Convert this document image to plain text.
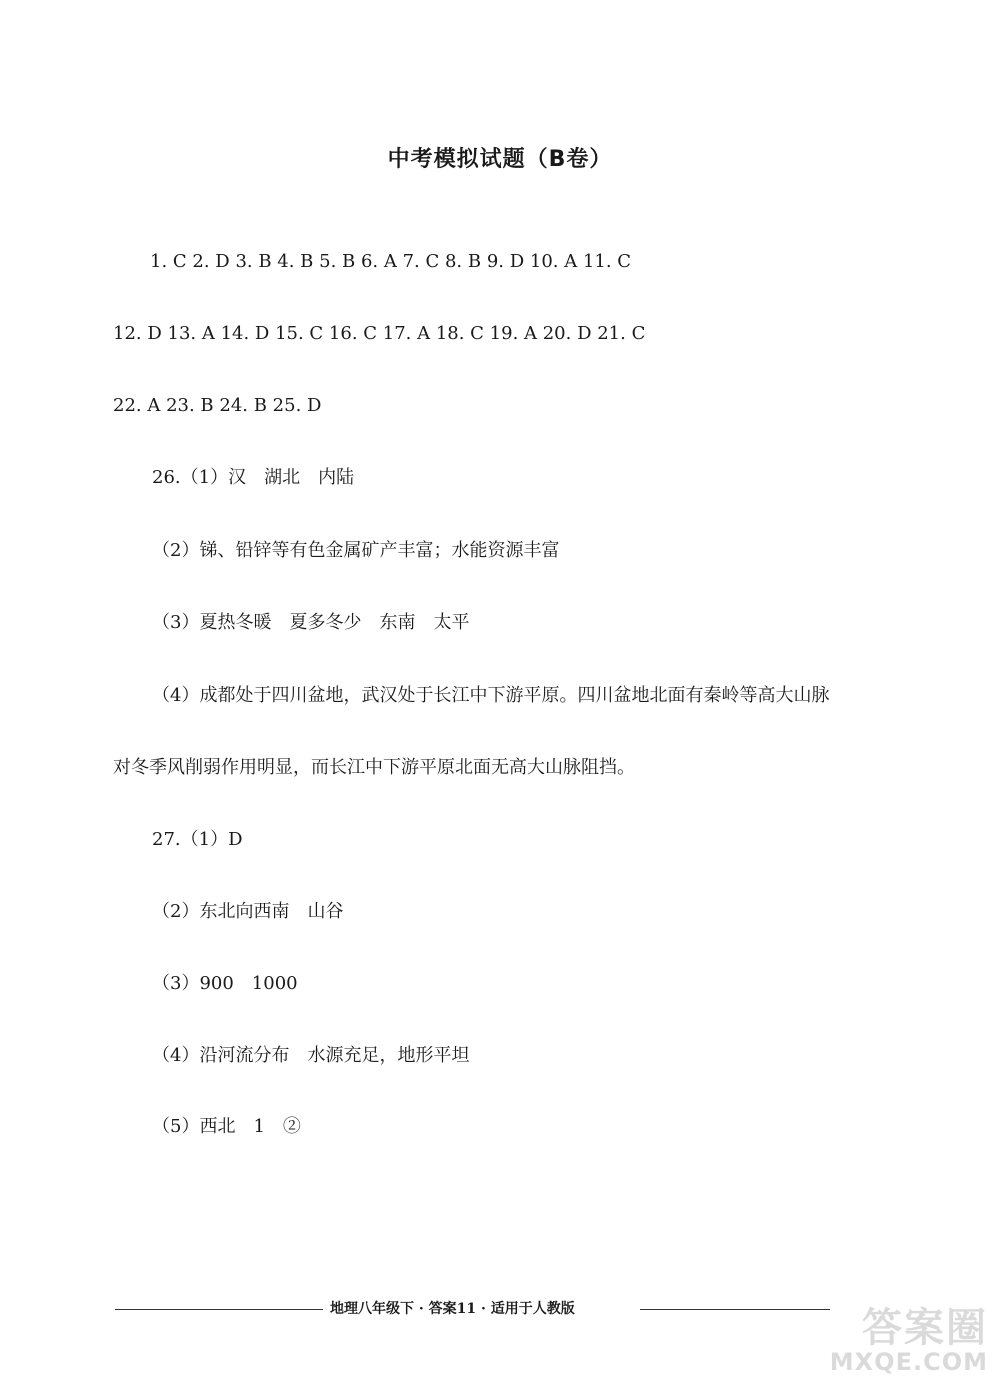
中考模拟试题（B卷）
1. C 2. D 3. B 4. B 5. B 6. A 7. C 8. B 9. D 10. A 11. C
12. D 13. A 14. D 15. C 16. C 17. A 18. C 19. A 20. D 21. C
22. A 23. B 24. B 25. D
26.（1）汉　湖北　内陆
（2）锑、铅锌等有色金属矿产丰富；水能资源丰富
（3）夏热冬暖　夏多冬少　东南　太平
（4）成都处于四川盆地，武汉处于长江中下游平原。四川盆地北面有秦岭等高大山脉
对冬季风削弱作用明显，而长江中下游平原北面无高大山脉阻挡。
27.（1）D
（2）东北向西南　山谷
（3）900　1000
（4）沿河流分布　水源充足，地形平坦
（5）西北　1　②
地理八年级下 · 答案11 · 适用于人教版	答案圈
MXQE.COM
